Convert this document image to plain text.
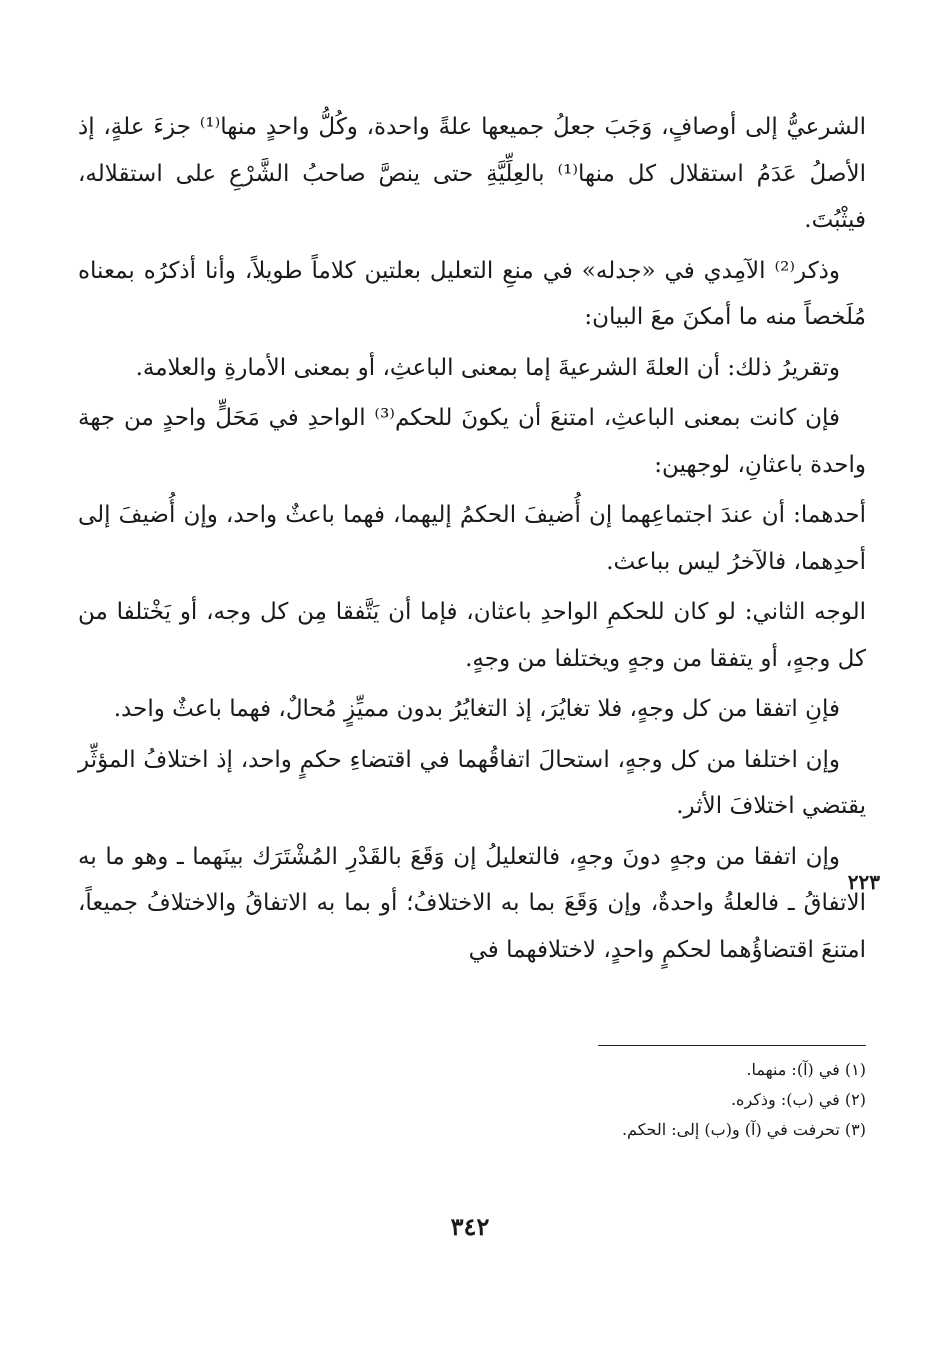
الشرعيُّ إلى أوصافٍ، وَجَبَ جعلُ جميعها علةً واحدة، وكُلُّ واحدٍ منها⁽¹⁾ جزءَ علةٍ، إذ الأصلُ عَدَمُ استقلال كل منها⁽¹⁾ بالعِلِّيَّةِ حتى ينصَّ صاحبُ الشَّرْعِ على استقلاله، فيثْبُتَ.

وذكر⁽²⁾ الآمِدي في «جدله» في منعِ التعليل بعلتين كلاماً طويلاً، وأنا أذكرُه بمعناه مُلَخصاً منه ما أمكنَ معَ البيان:

وتقريرُ ذلك: أن العلةَ الشرعيةَ إما بمعنى الباعثِ، أو بمعنى الأمارةِ والعلامة.

فإن كانت بمعنى الباعثِ، امتنعَ أن يكونَ للحكم⁽³⁾ الواحدِ في مَحَلٍّ واحدٍ من جهة واحدة باعثانِ، لوجهين:

أحدهما: أن عندَ اجتماعِهما إن أُضيفَ الحكمُ إليهما، فهما باعثٌ واحد، وإن أُضيفَ إلى أحدِهما، فالآخرُ ليس بباعث.

الوجه الثاني: لو كان للحكمِ الواحدِ باعثان، فإما أن يَتَّفقا مِن كل وجه، أو يَخْتلفا من كل وجهٍ، أو يتفقا من وجهٍ ويختلفا من وجهٍ.

فإنِ اتفقا من كل وجهٍ، فلا تغايُرَ، إذ التغايُرُ بدون مميِّزٍ مُحالٌ، فهما باعثٌ واحد.

وإن اختلفا من كل وجهٍ، استحالَ اتفاقُهما في اقتضاءِ حكمٍ واحد، إذ اختلافُ المؤثِّر يقتضي اختلافَ الأثر.

وإن اتفقا من وجهٍ دونَ وجهٍ، فالتعليلُ إن وَقَعَ بالقَدْرِ المُشْتَرَك بينَهما ـ وهو ما به الاتفاقُ ـ فالعلةُ واحدةٌ، وإن وَقَعَ بما به الاختلافُ؛ أو بما به الاتفاقُ والاختلافُ جميعاً، امتنعَ اقتضاؤُهما لحكمٍ واحدٍ، لاختلافهما في

٢٢٣

(١) في (آ): منهما.

(٢) في (ب): وذكره.

(٣) تحرفت في (آ) و(ب) إلى: الحكم.

٣٤٢
